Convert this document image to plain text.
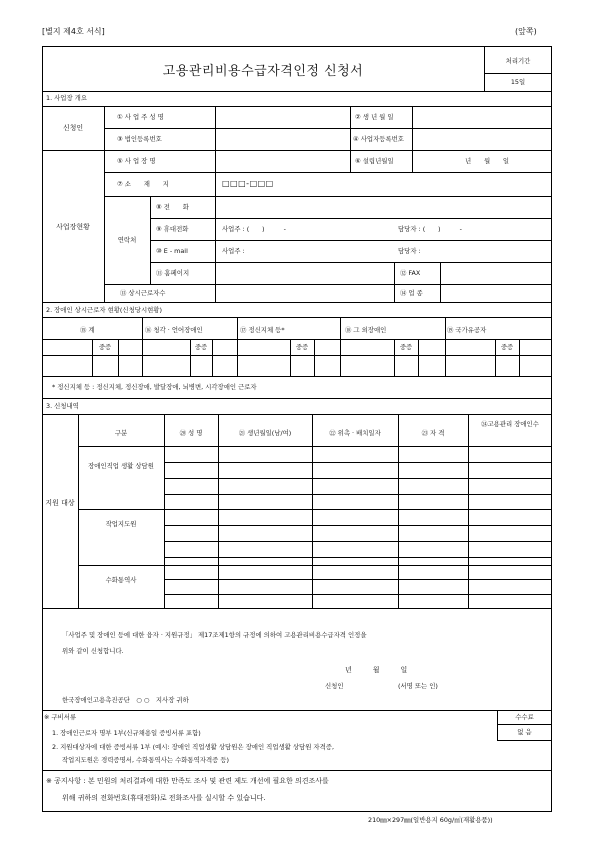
[별지 제4호 서식]	(앞쪽)
고용관리비용수급자격인정 신청서
처리기간
15일
1. 사업장 개요
신청인
① 사 업 주 성 명	② 생 년 월 일
③ 법인등록번호	④ 사업자등록번호
사업장현황
⑤ 사 업 장 명	⑥ 설립년월일	년　　월　　일
⑦ 소　　재　　지	□□□-□□□
연락처
⑧ 전　　화
⑨ 휴대전화	사업주 : (　　)　　　-	담당자 : (　　)　　　-
⑩ E - mail	사업주 :	담당자 :
⑪ 홈페이지	⑫ FAX
⑬ 상시근로자수	⑭ 업 종
2. 장애인 상시근로자 현황(신청당시현황)
⑮ 계	⑯ 청각 · 언어장애인	⑰ 정신지체 등*	⑱ 그 외장애인	⑲ 국가유공자
중증	중증	중증	중증	중증
* 정신지체 등 : 정신지체, 정신장애, 발달장애, 뇌병변, 시각장애인 근로자
3. 신청내역
구분	⑳ 성 명	㉑ 생년월일(남/여)	㉒ 위촉 · 배치일자	㉓ 자 격
㉔고용관리 장애인수
지원 대상
장애인직업 생활 상담원
작업지도원
수화통역사
「사업주 및 장애인 등에 대한 융자 · 지원규정」 제17조제1항의 규정에 의하여 고용관리비용수급자격 인정을
위와 같이 신청합니다.
년　　　월　　　일
신청인	(서명 또는 인)
한국장애인고용촉진공단　○ ○　지사장 귀하
※ 구비서류
1. 장애인근로자 명부 1부(신규채용일 증빙서류 포함)
2. 지원대상자에 대한 증빙서류 1부 (예시: 장애인 직업생활 상담원은 장애인 직업생활 상담원 자격증,
작업지도원은 경력증명서, 수화통역사는 수화통역자격증 등)
수수료
없 음
※ 공지사항 : 본 민원의 처리결과에 대한 만족도 조사 및 관련 제도 개선에 필요한 의견조사를
위해 귀하의 전화번호(휴대전화)로 전화조사를 실시할 수 있습니다.
210㎜×297㎜(일반용지 60g/㎡(재활용품))
